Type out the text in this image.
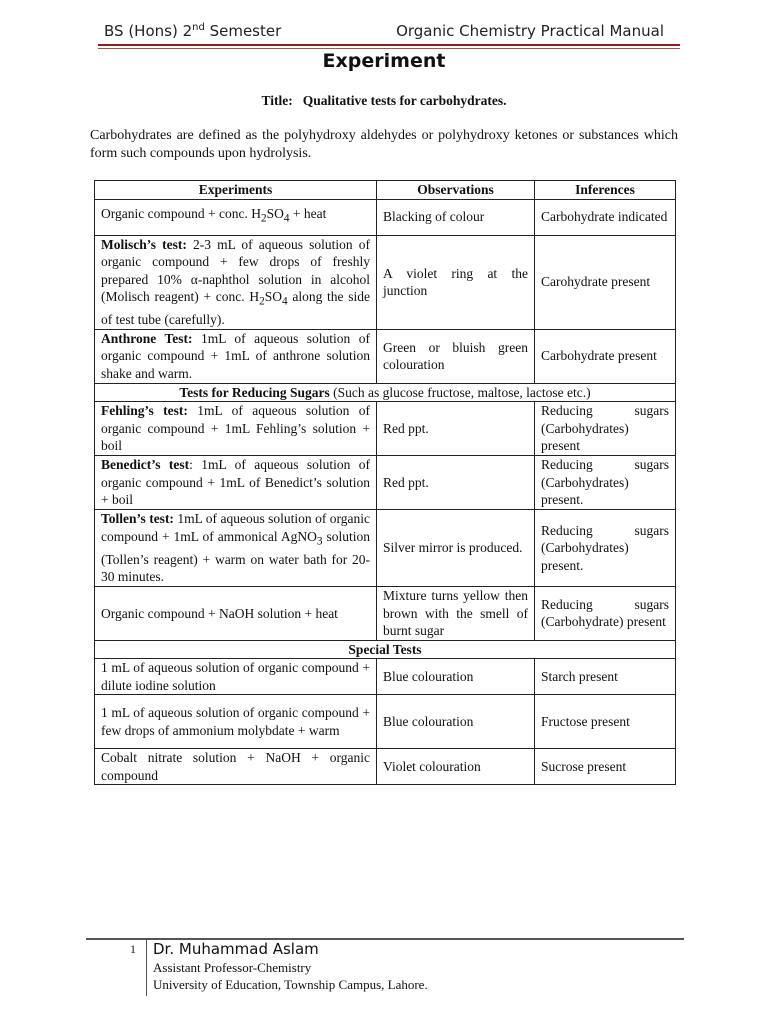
BS (Hons) 2nd Semester	Organic Chemistry Practical Manual
Experiment
Title: Qualitative tests for carbohydrates.
Carbohydrates are defined as the polyhydroxy aldehydes or polyhydroxy ketones or substances which form such compounds upon hydrolysis.
Experiments	Observations	Inferences
Organic compound + conc. $H_2SO_4$ + heat	Blacking of colour	Carbohydrate indicated
Molisch’s test: 2-3 mL of aqueous solution of organic compound + few drops of freshly prepared 10% α-naphthol solution in alcohol (Molisch reagent) + conc. $H_2SO_4$ along the side of test tube (carefully).	A violet ring at the junction	Carohydrate present
Anthrone Test: 1mL of aqueous solution of organic compound + 1mL of anthrone solution shake and warm.	Green or bluish green colouration	Carbohydrate present
Tests for Reducing Sugars (Such as glucose fructose, maltose, lactose etc.)		
Fehling’s test: 1mL of aqueous solution of organic compound + 1mL Fehling’s solution + boil	Red ppt.	Reducing sugars (Carbohydrates) present
Benedict’s test: 1mL of aqueous solution of organic compound + 1mL of Benedict’s solution + boil	Red ppt.	Reducing sugars (Carbohydrates) present.
Tollen’s test: 1mL of aqueous solution of organic compound + 1mL of ammonical AgNO$_3$ solution (Tollen’s reagent) + warm on water bath for 20-30 minutes.	Silver mirror is produced.	Reducing sugars (Carbohydrates) present.
Organic compound + NaOH solution + heat	Mixture turns yellow then brown with the smell of burnt sugar	Reducing sugars (Carbohydrate) present
Special Tests		
1 mL of aqueous solution of organic compound + dilute iodine solution	Blue colouration	Starch present
1 mL of aqueous solution of organic compound + few drops of ammonium molybdate + warm	Blue colouration	Fructose present
Cobalt nitrate solution + NaOH + organic compound	Violet colouration	Sucrose present
1 Dr. Muhammad Aslam
Assistant Professor-Chemistry
University of Education, Township Campus, Lahore.
